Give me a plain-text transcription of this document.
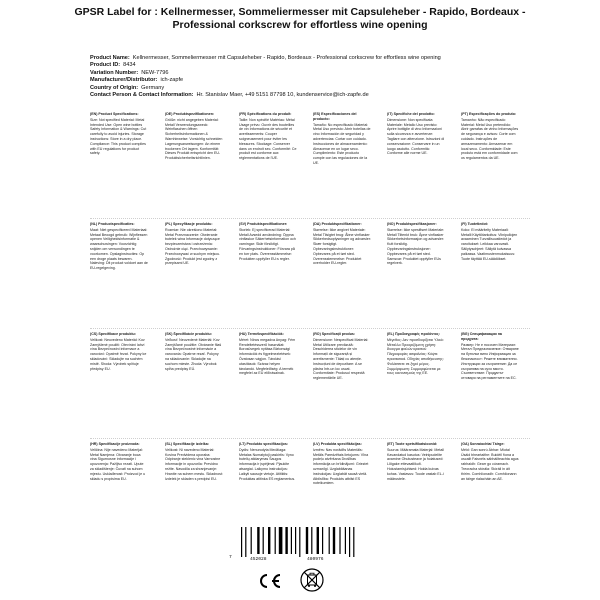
GPSR Label for : Kellnermesser, Sommeliermesser mit Capsuleheber - Rapido, Bordeaux - Professional corkscrew for effortless wine opening
Product Name: Kellnermesser, Sommeliermesser mit Capsuleheber - Rapido, Bordeaux - Professional corkscrew for effortless wine opening
Product ID: 8434
Variation Number: NEW-7796
Manufacturer/Distributor: ich-zapfe
Country of Origin: Germany
Contact Person & Contact Information: Hr. Stanislav Maer, +49 5151 87798 10, kundenservice@ich-zapfe.de
(EN) Product Specifications:
Size: Not specified Material: Metal Intended Use: Open wine bottles Safety Information & Warnings: Cut carefully to avoid injuries. Storage instructions: Store in a dry place. Compliance: This product complies with EU regulations for product safety.
(DE) Produktspezifikationen:
Größe: nicht angegeben Material: Metall Verwendungszweck: Weinflaschen öffnen Sicherheitsinformationen & Warnhinweise: Vorsichtig schneiden Lagerungsanweisungen: An einem trockenen Ort lagern. Konformität: Dieses Produkt entspricht den EU-Produktsicherheitsrichtlinien.
(FR) Spécifications du produit:
Taille: Non spécifié Matériau: Métal Usage prévu: Ouvrir des bouteilles de vin Informations de sécurité et avertissements: Couper soigneusement pour éviter les blessures. Stockage: Conserver dans un endroit sec. Conformité: Ce produit est conforme aux réglementations de l'UE.
(ES) Especificaciones del producto:
Tamaño: No especificado Material: Metal Uso previsto: Abrir botellas de vino Información de seguridad y advertencias: Cortar con cuidado. Instrucciones de almacenamiento: Almacenar en un lugar seco. Cumplimiento: Este producto cumple con las regulaciones de la UE.
(IT) Specifiche del prodotto:
Dimensione: Non specificata Materiale: Metallo Uso previsto: Aprire bottiglie di vino Informazioni sulla sicurezza e avvertenze: Tagliare con attenzione. Istruzioni di conservazione: Conservare in un luogo asciutto. Conformità: Conforme alle norme UE.
(PT) Especificações do produto:
Tamanho: Não especificado Material: Metal Uso pretendido: Abrir garrafas de vinho Informações de segurança e avisos: Corte com cuidado. Instruções de armazenamento: Armazenar em local seco. Conformidade: Este produto está em conformidade com os regulamentos da UE.
(NL) Productspecificaties:
Maat: Niet gespecificeerd Materiaal: Metaal Beoogd gebruik: Wijnflessen openen Veiligheidsinformatie & waarschuwingen: Voorzichtig snijden om verwondingen te voorkomen. Opslaginstructies: Op een droge plaats bewaren. Naleving: Dit product voldoet aan de EU-regelgeving.
(PL) Specyfikacje produktu:
Rozmiar: Nie określono Materiał: Metal Przeznaczenie: Otwieranie butelek wina Informacje dotyczące bezpieczeństwa i ostrzeżenia: Ostrożnie ciąć. Przechowywanie: Przechowywać w suchym miejscu. Zgodność: Produkt jest zgodny z przepisami UE.
(SV) Produktspecifikationer:
Storlek: Ej specificerad Material: Metall Avsedd användning: Öppna vinflaskor Säkerhetsinformation och varningar: Skär försiktigt. Förvaringsinstruktioner: Förvara på en torr plats. Överensstämmelse: Produkten uppfyller EU:s regler.
(DA) Produktspecifikationer:
Størrelse: Ikke angivet Materiale: Metal Tilsigtet brug: Åbne vinflasker Sikkerhedsoplysninger og advarsler: Skær forsigtigt. Opbevaringsinstruktioner: Opbevares på et tørt sted. Overensstemmelse: Produktet overholder EU-regler.
(NO) Produktspesifikasjoner:
Størrelse: Ikke spesifisert Materiale: Metall Tiltenkt bruk: Åpne vinflasker Sikkerhetsinformasjon og advarsler: Kutt forsiktig. Oppbevaringsinstruksjoner: Oppbevares på et tørt sted. Samsvar: Produktet oppfyller EUs regelverk.
(FI) Tuotetiedot:
Koko: Ei määritelty Materiaali: Metalli Käyttötarkoitus: Viinipullojen avaaminen Turvallisuustiedot ja varoitukset: Leikkaa varovasti. Säilytysohjeet: Säilytä kuivassa paikassa. Vaatimustenmukaisuus: Tuote täyttää EU-säädökset.
(CS) Specifikace produktu:
Velikost: Neuvedeno Materiál: Kov Zamýšlené použití: Otevírání lahví vína Bezpečnostní informace a varování: Opatrně řezat. Pokyny ke skladování: Skladujte na suchém místě. Shoda: Výrobek splňuje předpisy EU.
(SK) Špecifikácie produktu:
Veľkosť: Neuvedené Materiál: Kov Zamýšľané použitie: Otváranie fliaš vína Bezpečnostné informácie a varovania: Opatrne rezať. Pokyny na skladovanie: Skladujte na suchom mieste. Zhoda: Výrobok spĺňa predpisy EÚ.
(HU) Termékspecifikációk:
Méret: Nincs megadva Anyag: Fém Rendeltetésszerű használat: Borosüvegek nyitása Biztonsági információk és figyelmeztetések: Óvatosan vágjon. Tárolási utasítások: Száraz helyen tárolandó. Megfelelőség: A termék megfelel az EU előírásainak.
(RO) Specificații produs:
Dimensiune: Nespecificat Material: Metal Utilizare prevăzută: Deschiderea sticlelor de vin Informații de siguranță și avertismente: Tăiați cu atenție. Instrucțiuni de depozitare: A se păstra într-un loc uscat. Conformitate: Produsul respectă reglementările UE.
(EL) Προδιαγραφές προϊόντος:
Μέγεθος: Δεν προσδιορίζεται Υλικό: Μέταλλο Προοριζόμενη χρήση: Άνοιγμα φιαλών κρασιού Πληροφορίες ασφαλείας: Κόψτε προσεκτικά. Οδηγίες αποθήκευσης: Φυλάσσετε σε ξηρό μέρος. Συμμόρφωση: Συμμορφώνεται με τους κανονισμούς της ΕΕ.
(BG) Спецификации на продукта:
Размер: Не е посочен Материал: Метал Предназначение: Отваряне на бутилки вино Информация за безопасност: Режете внимателно. Инструкции за съхранение: Да се съхранява на сухо място. Съответствие: Продуктът отговаря на регламентите на ЕС.
(HR) Specifikacije proizvoda:
Veličina: Nije navedeno Materijal: Metal Namjena: Otvaranje boca vina Sigurnosne informacije i upozorenja: Pažljivo rezati. Upute za skladištenje: Čuvati na suhom mjestu. Usklađenost: Proizvod je u skladu s propisima EU.
(SL) Specifikacije izdelka:
Velikost: Ni navedeno Material: Kovina Predvidena uporaba: Odpiranje steklenic vina Varnostne informacije in opozorila: Previdno režite. Navodila za shranjevanje: Hranite na suhem mestu. Skladnost: Izdelek je skladen s predpisi EU.
(LT) Produkto specifikacijos:
Dydis: Nenurodyta Medžiaga: Metalas Numatytoji paskirtis: Vyno butelių atidarymas Saugos informacija ir įspėjimai: Pjaukite atsargiai. Laikymo instrukcijos: Laikyti sausoje vietoje. Atitiktis: Produktas atitinka ES reglamentus.
(LV) Produkta specifikācijas:
Izmērs: Nav norādīts Materiāls: Metāls Paredzētais lietojums: Vīna pudeļu atvēršana Drošības informācija un brīdinājumi: Grieziet uzmanīgi. Uzglabāšanas instrukcijas: Uzglabāt sausā vietā. Atbilstība: Produkts atbilst ES noteikumiem.
(ET) Toote spetsifikatsioonid:
Suurus: Määramata Materjal: Metall Kavandatud kasutus: Veinipudelite avamine Ohutusteave ja hoiatused: Lõigake ettevaatlikult. Hoiustamisjuhised: Hoida kuivas kohas. Vastavus: Toode vastab EL-i määrustele.
(GA) Sonraíochtaí Táirge:
Méid: Gan sonrú Ábhar: Miotal Úsáid bheartaithe: Buidéil fíona a oscailt Faisnéis sábháilteachta agus rabhaidh: Gearr go cúramach. Treoracha stórála: Stóráil in áit thirim. Comhlíonadh: Comhlíonann an táirge rialacháin an AE.
7	452028	480976
